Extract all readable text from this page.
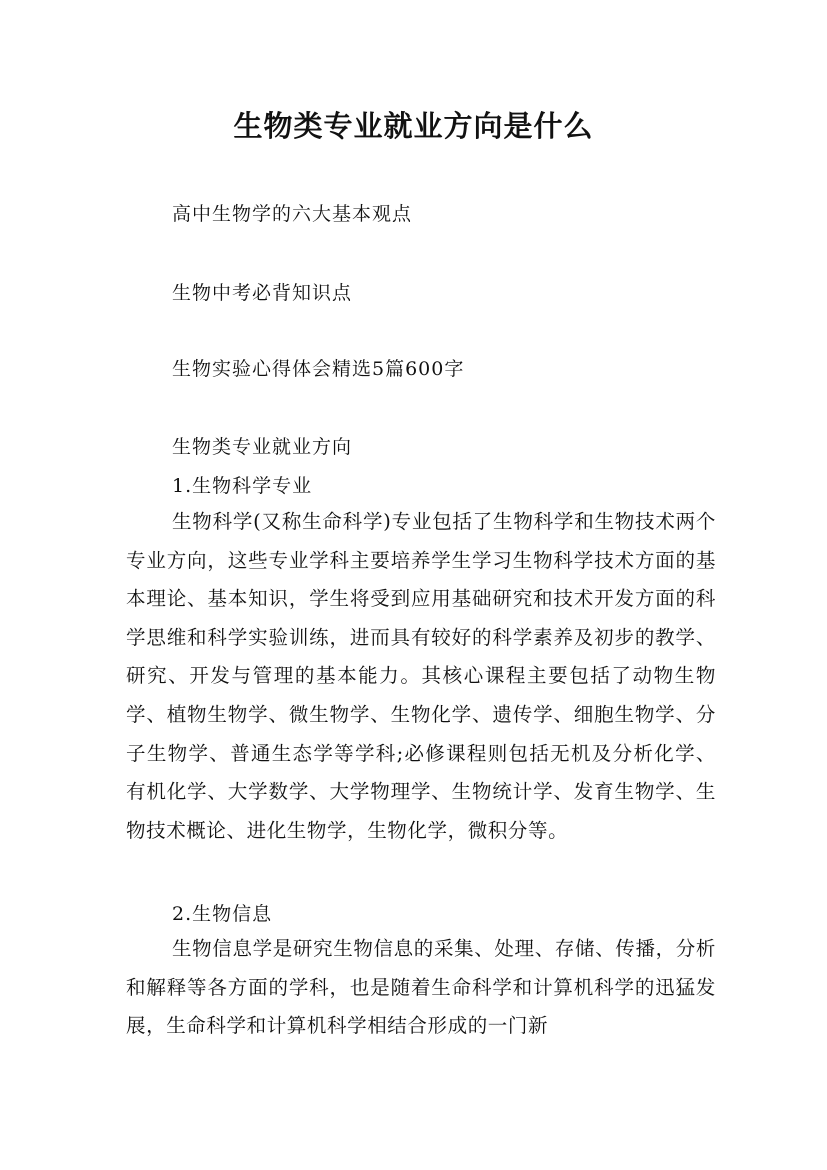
生物类专业就业方向是什么
高中生物学的六大基本观点
生物中考必背知识点
生物实验心得体会精选5篇600字
生物类专业就业方向
1.生物科学专业

生物科学(又称生命科学)专业包括了生物科学和生物技术两个专业方向，这些专业学科主要培养学生学习生物科学技术方面的基本理论、基本知识，学生将受到应用基础研究和技术开发方面的科学思维和科学实验训练，进而具有较好的科学素养及初步的教学、研究、开发与管理的基本能力。其核心课程主要包括了动物生物学、植物生物学、微生物学、生物化学、遗传学、细胞生物学、分子生物学、普通生态学等学科;必修课程则包括无机及分析化学、有机化学、大学数学、大学物理学、生物统计学、发育生物学、生物技术概论、进化生物学，生物化学，微积分等。

2.生物信息

生物信息学是研究生物信息的采集、处理、存储、传播，分析和解释等各方面的学科，也是随着生命科学和计算机科学的迅猛发展，生命科学和计算机科学相结合形成的一门新
